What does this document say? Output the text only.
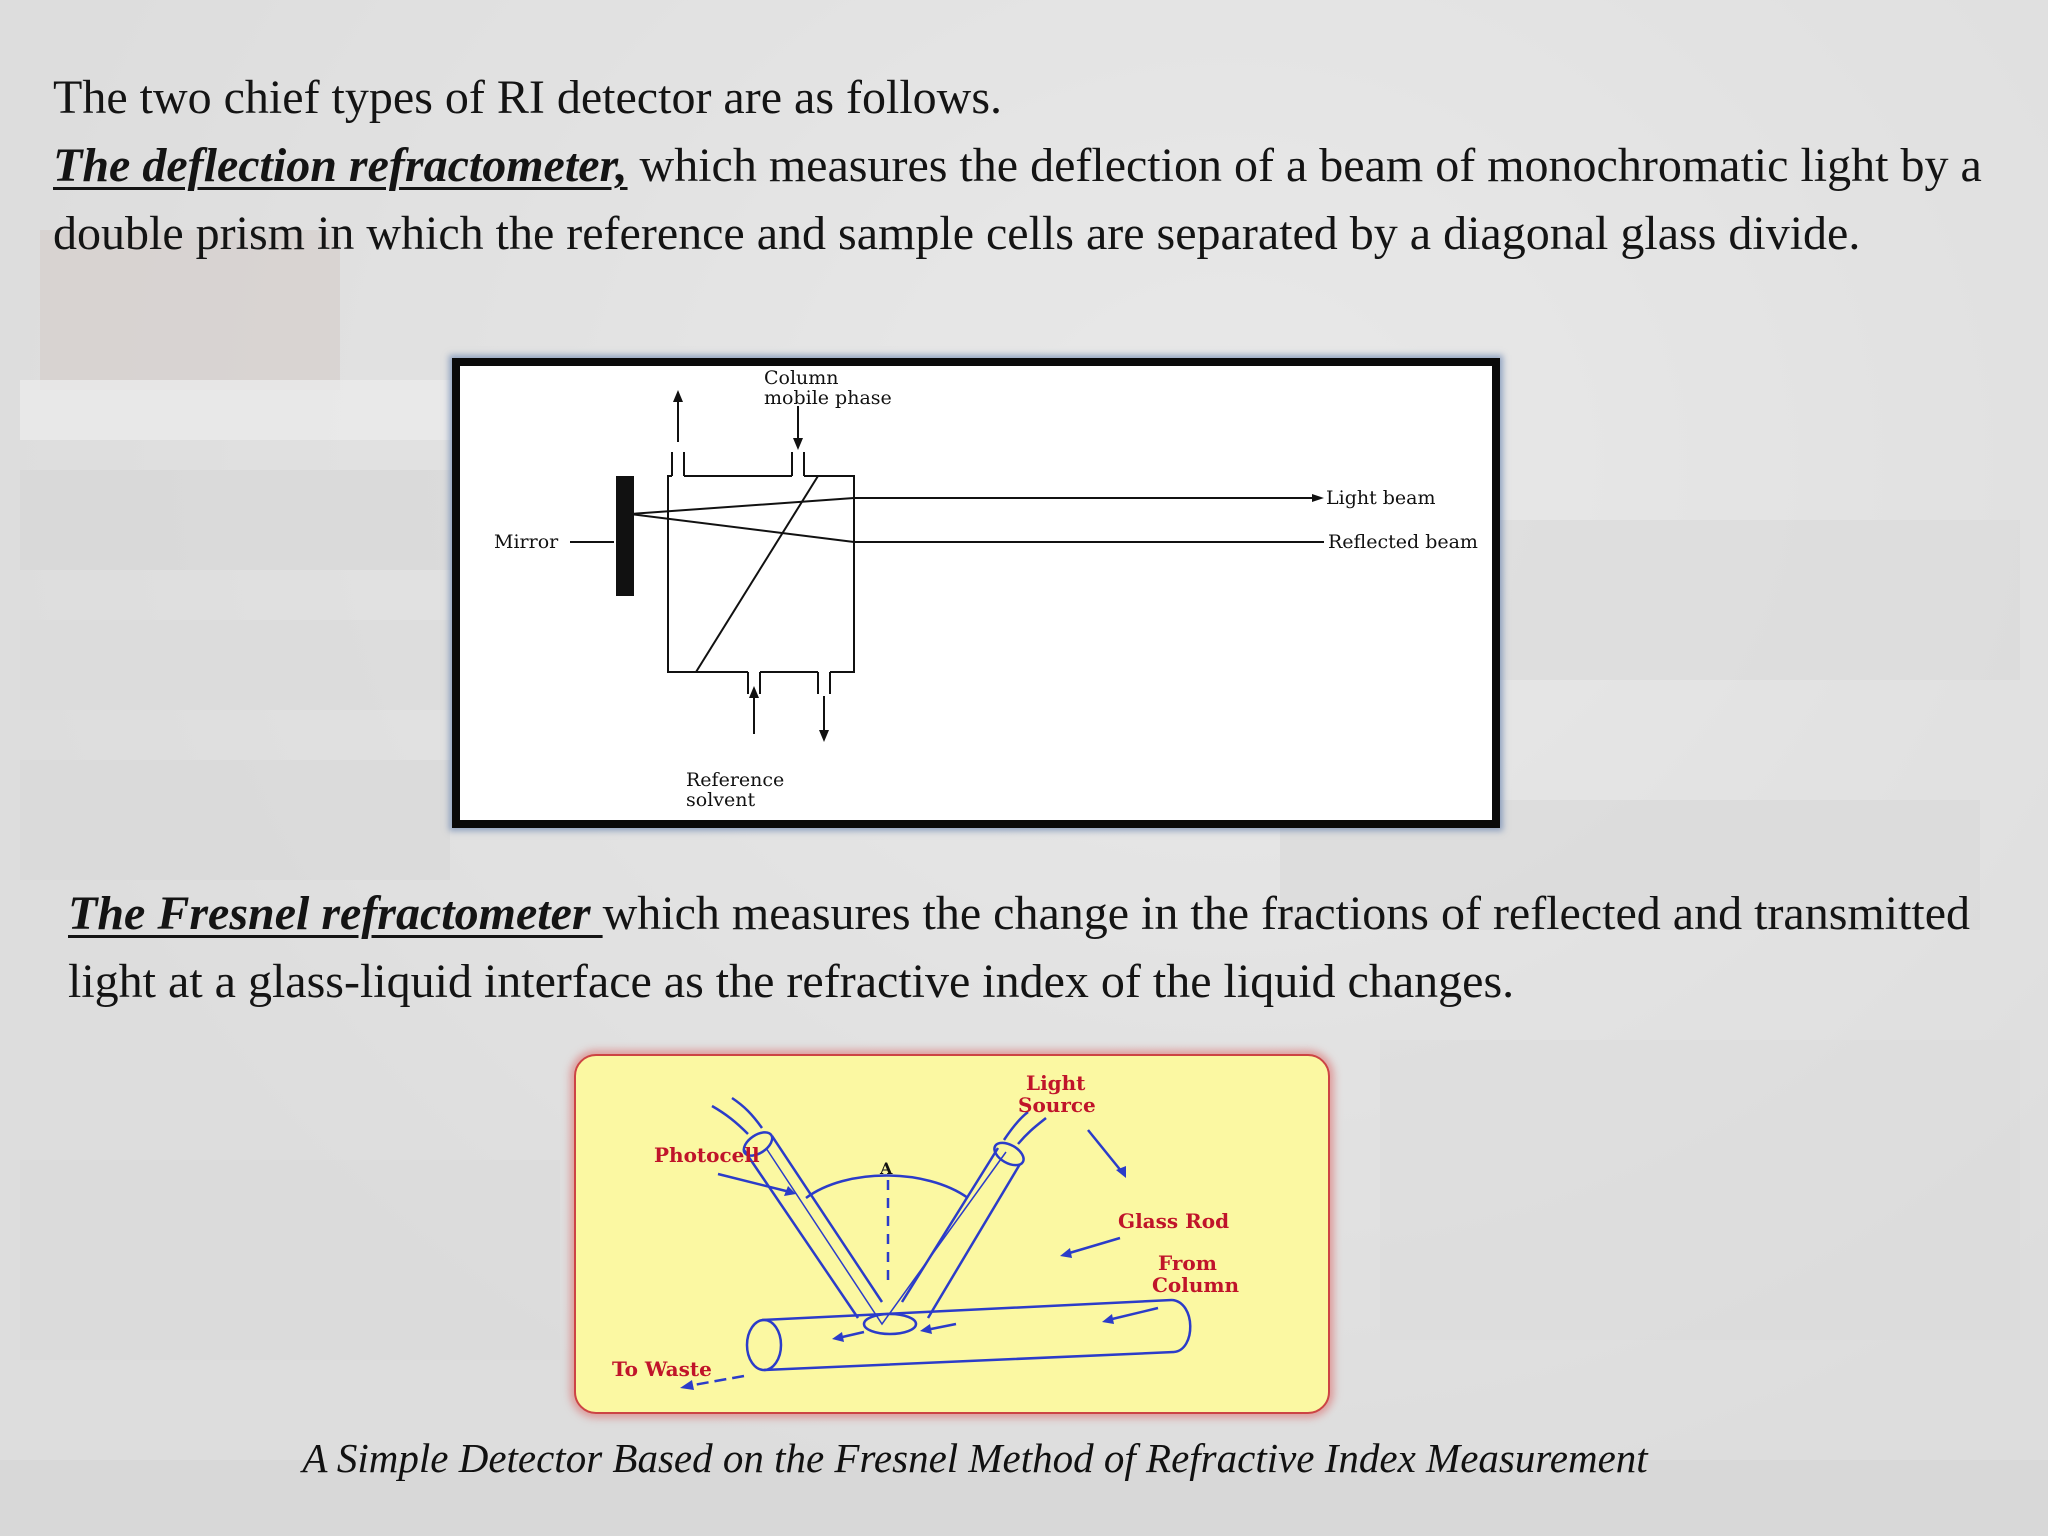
The two chief types of RI detector are as follows.
The deflection refractometer, which measures the deflection of a beam of monochromatic light by a double prism in which the reference and sample cells are separated by a diagonal glass divide.

Column
mobile phase
Light beam
Reflected beam
Mirror
Reference
solvent

The Fresnel refractometer which measures the change in the fractions of reflected and transmitted light at a glass-liquid interface as the refractive index of the liquid changes.

Light
Source
Photocell
A
Glass Rod
From
Column
To Waste
A Simple Detector Based on the Fresnel Method of Refractive Index Measurement
